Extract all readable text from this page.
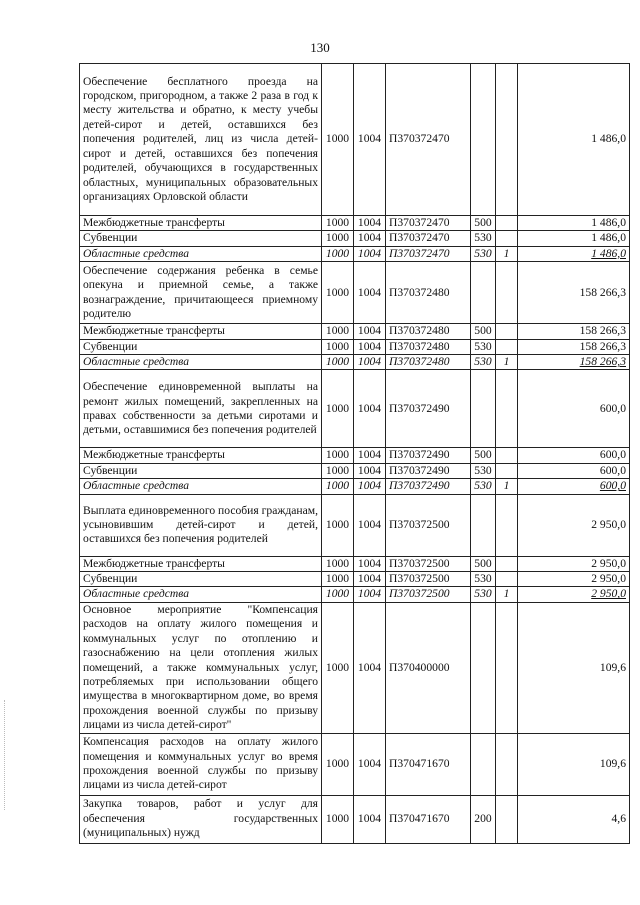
130
Обеспечение бесплатного проезда на городском, пригородном, а также 2 раза в год к месту жительства и обратно, к месту учебы детей-сирот и детей, оставшихся без попечения родителей, лиц из числа детей-сирот и детей, оставшихся без попечения родителей, обучающихся в государственных областных, муниципальных образовательных организациях Орловской области	1000	1004	П370372470			1 486,0
Межбюджетные трансферты	1000	1004	П370372470	500		1 486,0
Субвенции	1000	1004	П370372470	530		1 486,0
Областные средства	1000	1004	П370372470	530	1	1 486,0
Обеспечение содержания ребенка в семье опекуна и приемной семье, а также вознаграждение, причитающееся приемному родителю	1000	1004	П370372480			158 266,3
Межбюджетные трансферты	1000	1004	П370372480	500		158 266,3
Субвенции	1000	1004	П370372480	530		158 266,3
Областные средства	1000	1004	П370372480	530	1	158 266,3
Обеспечение единовременной выплаты на ремонт жилых помещений, закрепленных на правах собственности за детьми сиротами и детьми, оставшимися без попечения родителей	1000	1004	П370372490			600,0
Межбюджетные трансферты	1000	1004	П370372490	500		600,0
Субвенции	1000	1004	П370372490	530		600,0
Областные средства	1000	1004	П370372490	530	1	600,0
Выплата единовременного пособия гражданам, усыновившим детей-сирот и детей, оставшихся без попечения родителей	1000	1004	П370372500			2 950,0
Межбюджетные трансферты	1000	1004	П370372500	500		2 950,0
Субвенции	1000	1004	П370372500	530		2 950,0
Областные средства	1000	1004	П370372500	530	1	2 950,0
Основное мероприятие "Компенсация расходов на оплату жилого помещения и коммунальных услуг по отоплению и газоснабжению на цели отопления жилых помещений, а также коммунальных услуг, потребляемых при использовании общего имущества в многоквартирном доме, во время прохождения военной службы по призыву лицами из числа детей-сирот"	1000	1004	П370400000			109,6
Компенсация расходов на оплату жилого помещения и коммунальных услуг во время прохождения военной службы по призыву лицами из числа детей-сирот	1000	1004	П370471670			109,6
Закупка товаров, работ и услуг для обеспечения государственных (муниципальных) нужд	1000	1004	П370471670	200		4,6
